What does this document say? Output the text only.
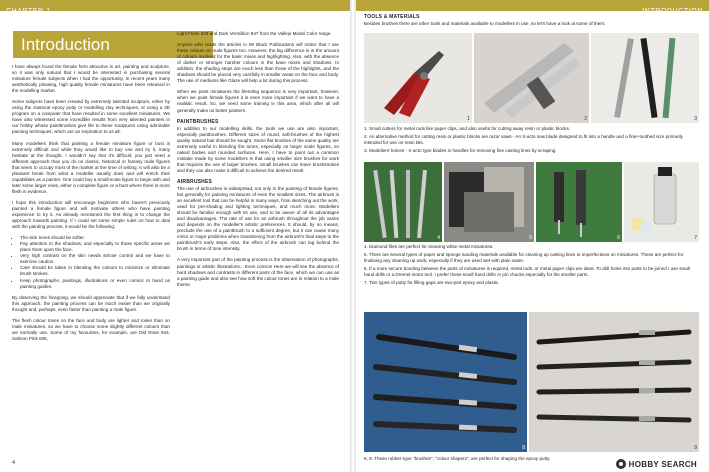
CHAPTER 1
Introduction

I have always found the female form attractive in art, painting and sculpture, so it was only natural that I would be interested in purchasing several miniature female subjects when I had the opportunity. In recent years many aesthetically pleasing, high quality female miniatures have been released in the modelling market.

Some subjects have been created by extremely talented sculptors, either by using the classical epoxy putty or modelling clay techniques, or using a 3D program on a computer that have resulted in some excellent miniatures. We have also witnessed some incredible results from very talented painters in our hobby whose paintbrushes give life to these sculptures using admirable painting techniques, which are an inspiration to us all.

Many modellers think that painting a female miniature figure or bust is extremely difficult and while they would like to buy one and try it, many hesitate at the thought. I wouldn't say that it's difficult; you just need a different approach than you do on classic, historical or fantasy male figures that seem to occupy most of the market at the time of writing. It will also be a pleasant break from what a modeller usually does and will enrich their capabilities as a painter. One could buy a small-scale figure to begin with and later some larger ones, either a complete figure or a bust where there is more flesh in evidence.

I hope this introduction will encourage beginners who haven't previously painted a female figure and will motivate others who have painting experience to try it. As already mentioned the first thing is to change the approach towards painting. If I could set some simple rules on how to deal with the painting process, it would be the following:

• The skin tones should be softer.
• Pay attention to the shadows, and especially to those specific areas we place them upon the face.
• Very high contrast on the skin needs stricter control and we have to exercise caution.
• Care should be taken in blending the colours to minimize or eliminate brush strokes.
• Keep photographs, paintings, illustrations or even comics to hand as painting guides.

By observing the foregoing, we should appreciate that if we fully understand this approach, the painting process can be much easier than we originally thought and, perhaps, even faster than painting a male figure.

The flesh colour tones on the face and body are lighter and rosier than on male miniatures, so we have to choose some slightly different colours than we normally use. Some of my favourites, for example, are Old Rose 944, Salmon Pink 835,

Light Flesh 928 and Dark Vermillion 947 from the Vallejo Model Color range.

Anyone who reads the articles in Mr Black Publications will notice that I use these colours on male figures too. However, the big difference is in the amount of colours involved for the basic mixes and highlighting. Also, with the absence of darker or stronger harsher colours in the base mixes and shadows. In addition, the shading steps are much less than those of the highlights, and the shadows should be placed very carefully in smaller areas on the face and body. The use of mediums like Glaze will help a lot during this process.

When we paint miniatures the blending sequence is very important, however, when we paint female figures it is even more important if we want to have a realistic result. So, we need some training in this area, which after all will generally make us better painters.

PAINTBRUSHES

In addition to our modelling skills, the tools we use are also important, especially paintbrushes. Different sizes of round, soft-brushes of the highest quality natural hair should be sought. Some flat brushes of the same quality are extremely useful in blending the tones, especially on larger scale figures, on naked bodies and rounded surfaces. Here, I have to point out a common mistake made by some modellers is that using smaller size brushes for work that requires the use of larger brushes. Small brushes can leave brushstrokes and they can also make it difficult to achieve the desired result.

AIRBRUSHES

The use of airbrushes is widespread, not only in the painting of female figures, but generally for painting miniatures of even the smallest sizes. The airbrush is an excellent tool that can be helpful in many ways, from sketching out the work, used for pre-shading and lighting techniques, and much more. Modellers should be familiar enough with its use, and to be aware of all its advantages and disadvantages. The rate of use for an airbrush throughout the job varies and depends on the modeller's artistic preferences. It should, by no means, preclude the use of a paintbrush to a sufficient degree, but it can cause many minor or major problems when transitioning from the airbrush's final steps to the paintbrush's early steps. Also, the effect of the airbrush can lag behind the brush in terms of tone intensity.

A very important part of the painting process is the observation of photographs, paintings or artistic illustrations... Even comics! Here we will see the absence of hard shadows and contrasts in different parts of the face, which we can use as a painting guide and also see how soft the colour tones are in relation to a male theme.

4
INTRODUCTION
TOOLS & MATERIALS

Besides brushes there are other tools and materials available to modellers in use, so let's have a look at some of them:

1	2	3

1. Small cutters for metal rods like paper clips, and also useful for cutting away resin or plastic blocks.

2. An alternative method for cutting resin or plastic blocks are razor saws - An X-acto saw blade designed to fit into a handle and a finer-toothed size primarily intended for use on resin kits.

3. Modellers' knives - X-acto type blades in handles for removing fine casting lines by scraping.

4	5	6	7

4. Diamond files are perfect for cleaning white metal miniatures.

5. There are several types of paper and sponge sanding materials available for cleaning up casting lines or imperfections on miniatures. These are perfect for finalising any cleaning up work, especially if they are used wet with plain water.

6. If a more secure bonding between the parts of miniatures is required, metal rods, or metal paper clips are ideal. To drill holes into parts to be joined I use small hand drills or a Dremel motor tool. I prefer these small hand drills or pin chucks especially for the smaller parts.

7. Two types of putty for filling gaps are two-part epoxy and plastic.

8	9

8, 9. These rubber-type "brushes", "colour shapers", are perfect for shaping the epoxy putty.

HOBBY SEARCH
